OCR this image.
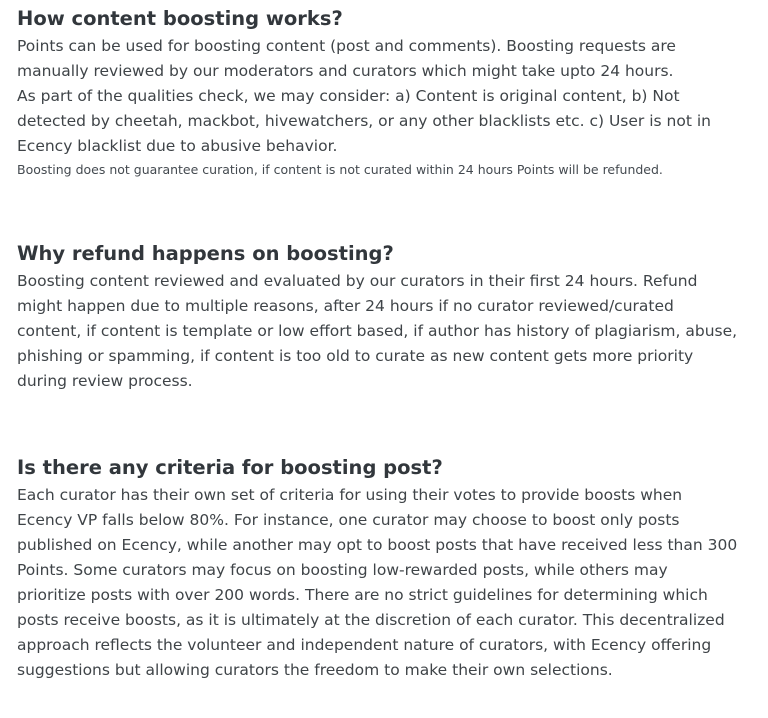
How content boosting works?
Points can be used for boosting content (post and comments). Boosting requests are
manually reviewed by our moderators and curators which might take upto 24 hours.
As part of the qualities check, we may consider: a) Content is original content, b) Not
detected by cheetah, mackbot, hivewatchers, or any other blacklists etc. c) User is not in
Ecency blacklist due to abusive behavior.
Boosting does not guarantee curation, if content is not curated within 24 hours Points will be refunded.
Why refund happens on boosting?
Boosting content reviewed and evaluated by our curators in their first 24 hours. Refund
might happen due to multiple reasons, after 24 hours if no curator reviewed/curated
content, if content is template or low effort based, if author has history of plagiarism, abuse,
phishing or spamming, if content is too old to curate as new content gets more priority
during review process.
Is there any criteria for boosting post?
Each curator has their own set of criteria for using their votes to provide boosts when
Ecency VP falls below 80%. For instance, one curator may choose to boost only posts
published on Ecency, while another may opt to boost posts that have received less than 300
Points. Some curators may focus on boosting low-rewarded posts, while others may
prioritize posts with over 200 words. There are no strict guidelines for determining which
posts receive boosts, as it is ultimately at the discretion of each curator. This decentralized
approach reflects the volunteer and independent nature of curators, with Ecency offering
suggestions but allowing curators the freedom to make their own selections.
